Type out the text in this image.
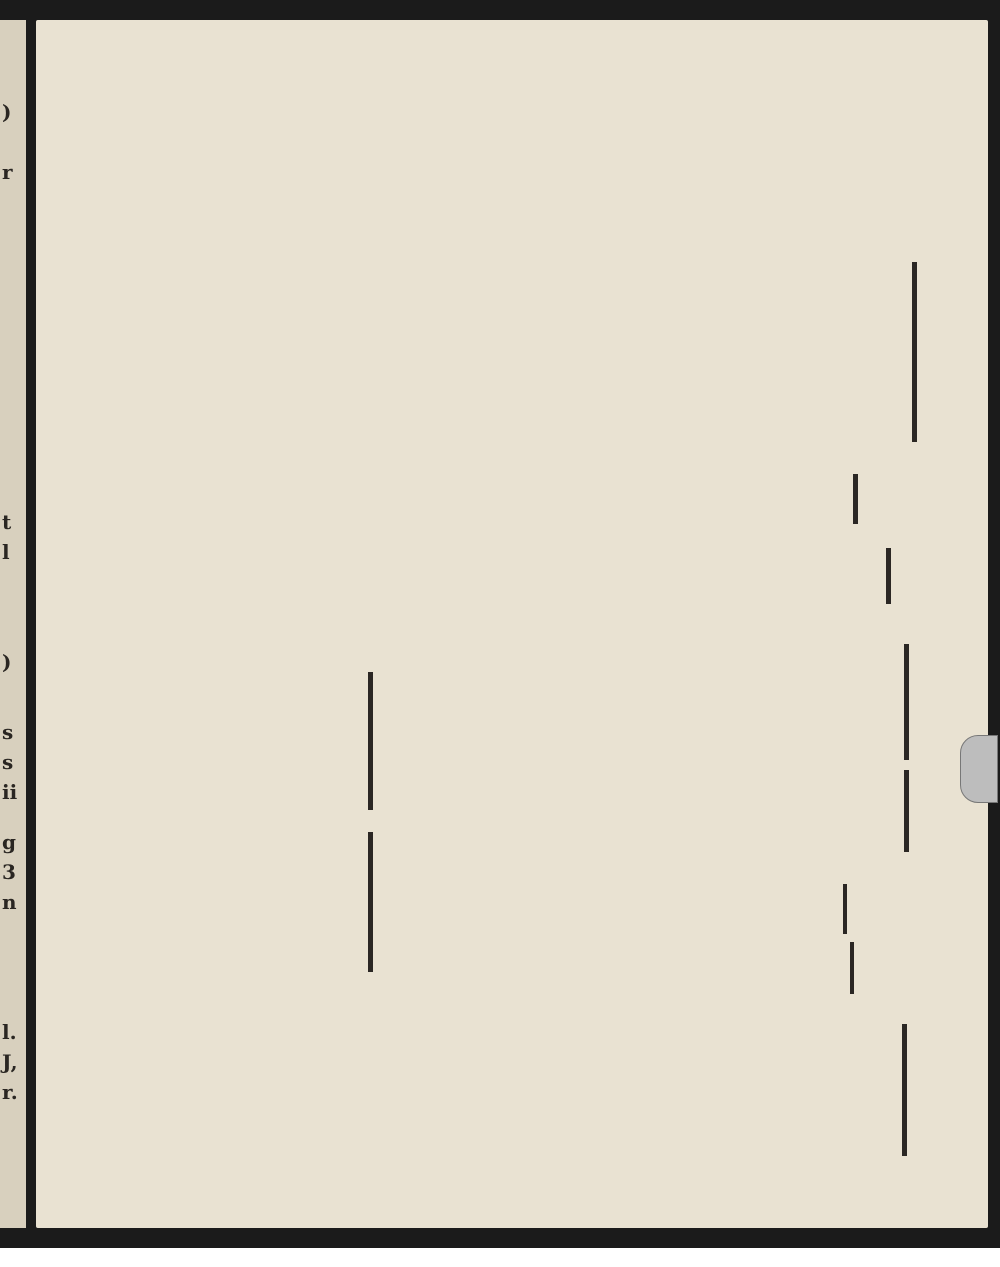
)
r
t
l
)
s
s
ii
g
3
n
l.
J,
r.
